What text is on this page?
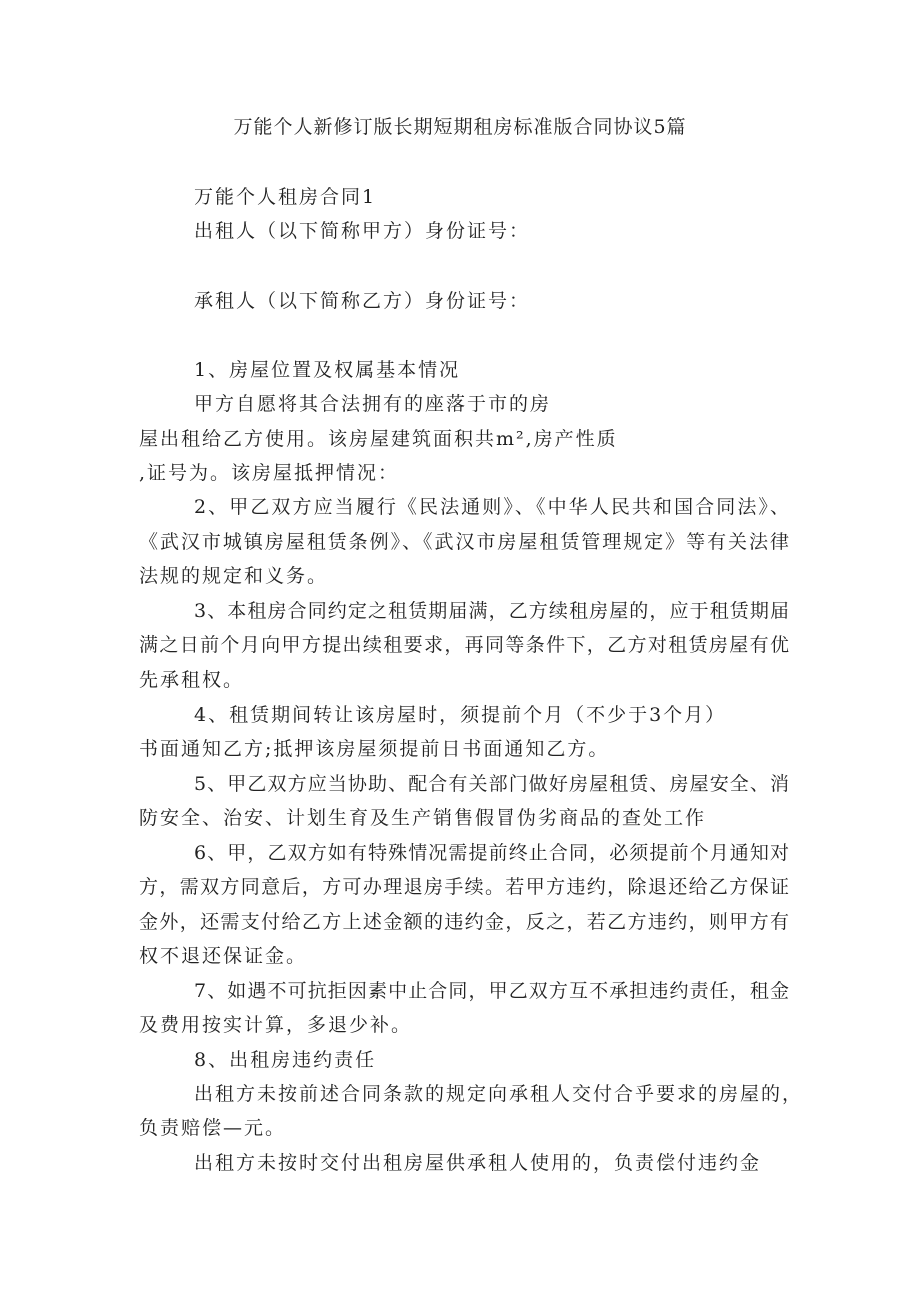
万能个人新修订版长期短期租房标准版合同协议5篇

万能个人租房合同1

出租人（以下简称甲方）身份证号：

承租人（以下简称乙方）身份证号：

1、房屋位置及权属基本情况

甲方自愿将其合法拥有的座落于市的房

屋出租给乙方使用。该房屋建筑面积共m²,房产性质

,证号为。该房屋抵押情况：

2、甲乙双方应当履行《民法通则》、《中华人民共和国合同法》、

《武汉市城镇房屋租赁条例》、《武汉市房屋租赁管理规定》等有关法律

法规的规定和义务。

3、本租房合同约定之租赁期届满，乙方续租房屋的，应于租赁期届

满之日前个月向甲方提出续租要求，再同等条件下，乙方对租赁房屋有优

先承租权。

4、租赁期间转让该房屋时，须提前个月（不少于3个月）

书面通知乙方;抵押该房屋须提前日书面通知乙方。

5、甲乙双方应当协助、配合有关部门做好房屋租赁、房屋安全、消

防安全、治安、计划生育及生产销售假冒伪劣商品的查处工作

6、甲，乙双方如有特殊情况需提前终止合同，必须提前个月通知对

方，需双方同意后，方可办理退房手续。若甲方违约，除退还给乙方保证

金外，还需支付给乙方上述金额的违约金，反之，若乙方违约，则甲方有

权不退还保证金。

7、如遇不可抗拒因素中止合同，甲乙双方互不承担违约责任，租金

及费用按实计算，多退少补。

8、出租房违约责任

出租方未按前述合同条款的规定向承租人交付合乎要求的房屋的，

负责赔偿—元。

出租方未按时交付出租房屋供承租人使用的，负责偿付违约金
